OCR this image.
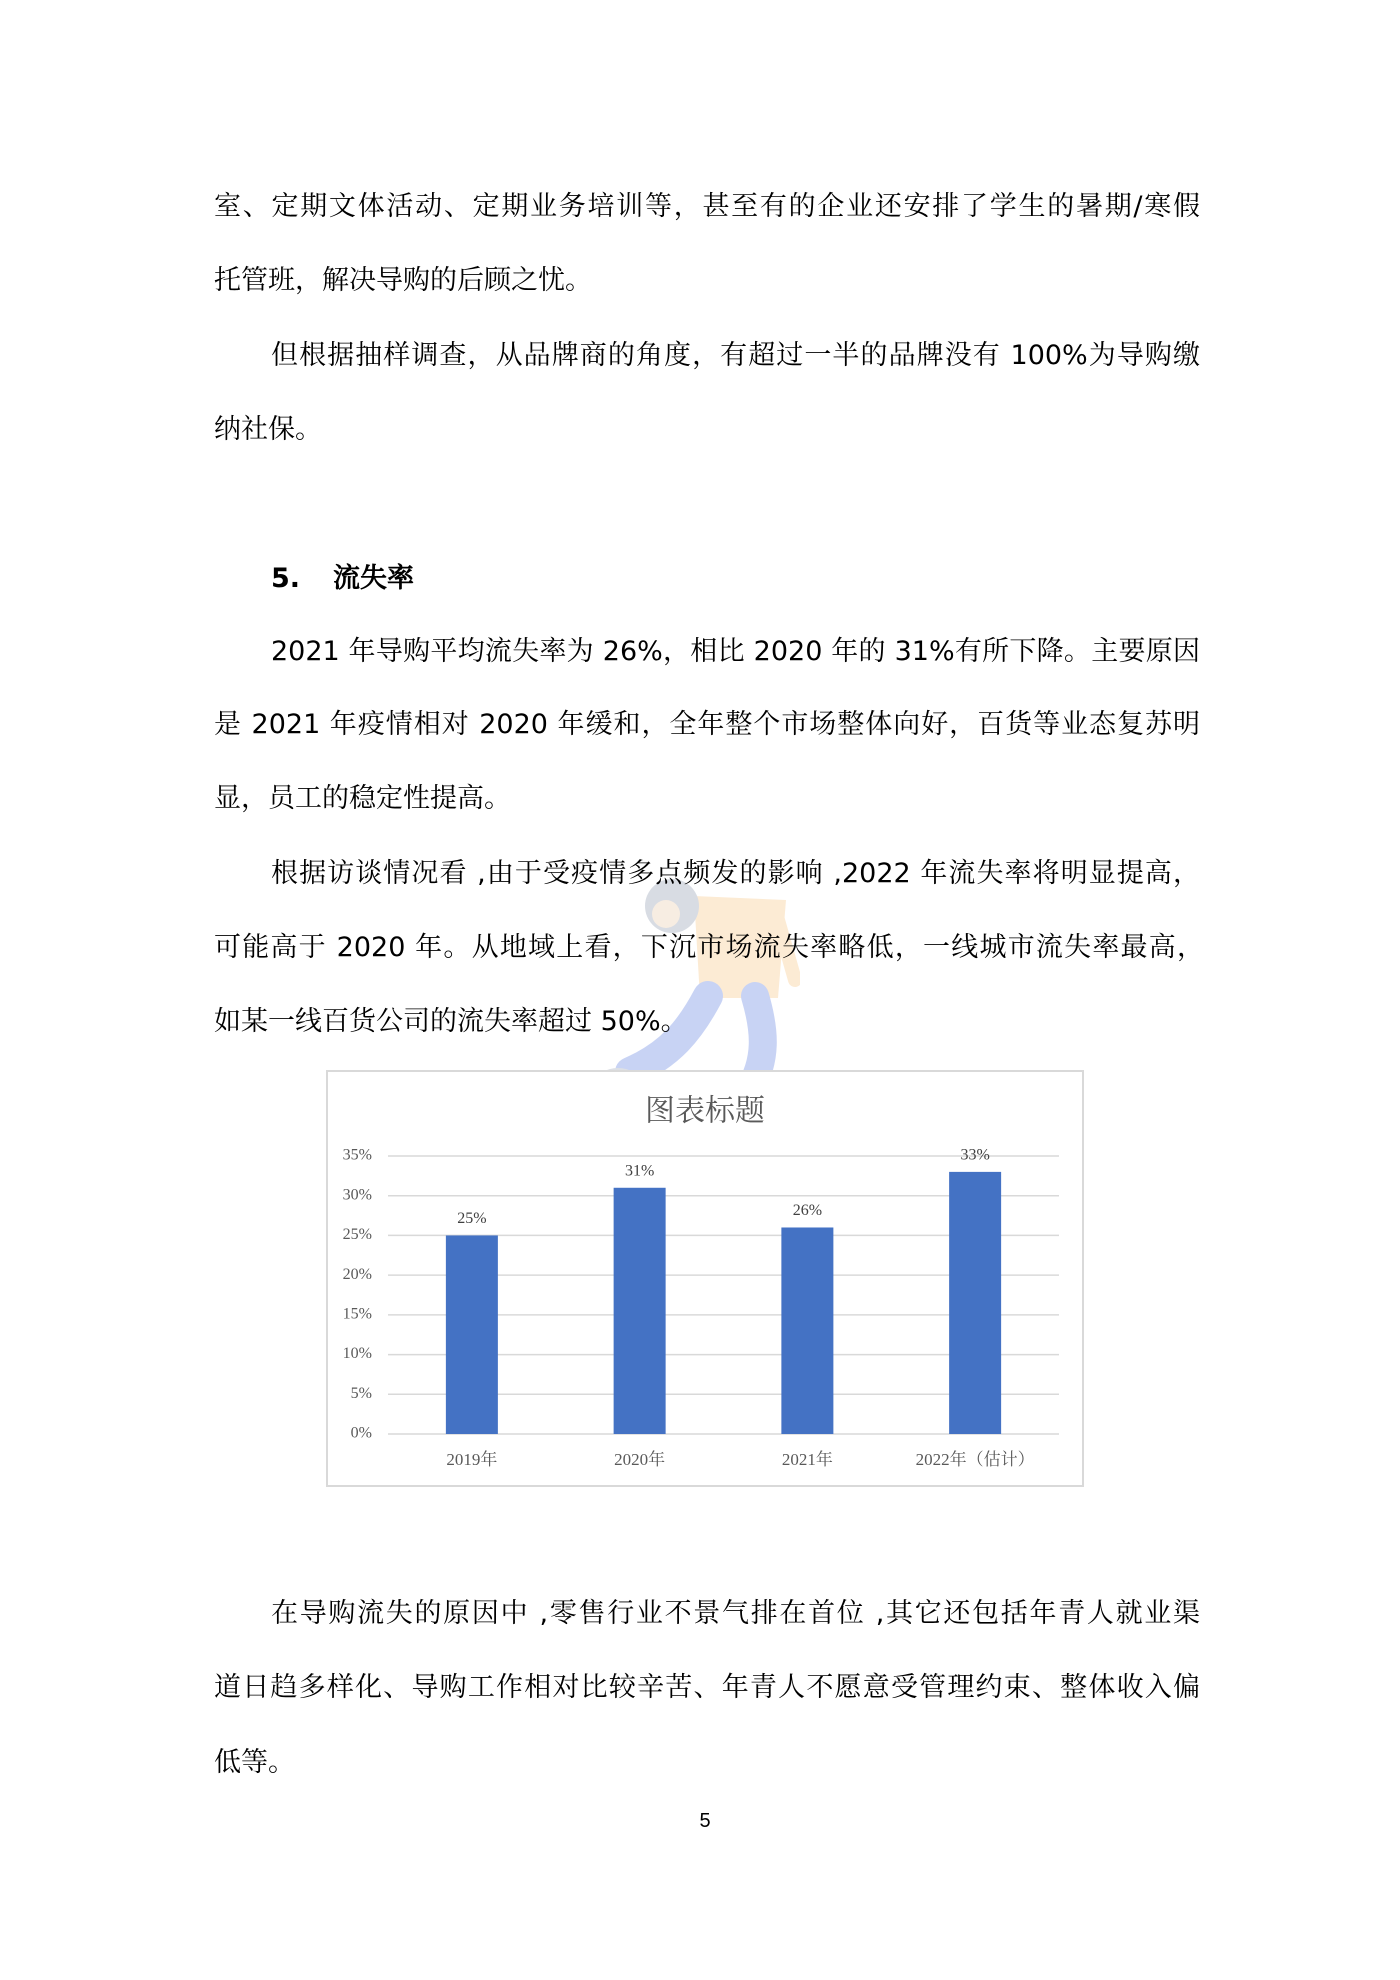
室、定期文体活动、定期业务培训等，甚至有的企业还安排了学生的暑期/寒假
托管班，解决导购的后顾之忧。
但根据抽样调查，从品牌商的角度，有超过一半的品牌没有 100%为导购缴
纳社保。
5. 流失率
2021 年导购平均流失率为 26%，相比 2020 年的 31%有所下降。主要原因
是 2021 年疫情相对 2020 年缓和，全年整个市场整体向好，百货等业态复苏明
显，员工的稳定性提高。
根据访谈情况看 ,由于受疫情多点频发的影响 ,2022 年流失率将明显提高，
可能高于 2020 年。从地域上看，下沉市场流失率略低，一线城市流失率最高，
如某一线百货公司的流失率超过 50%。
图表标题
0%
5%
10%
15%
20%
25%
30%
35%
25%
31%
26%
33%
2019年	2020年	2021年	2022年（估计）
在导购流失的原因中 ,零售行业不景气排在首位 ,其它还包括年青人就业渠
道日趋多样化、导购工作相对比较辛苦、年青人不愿意受管理约束、整体收入偏
低等。
5
